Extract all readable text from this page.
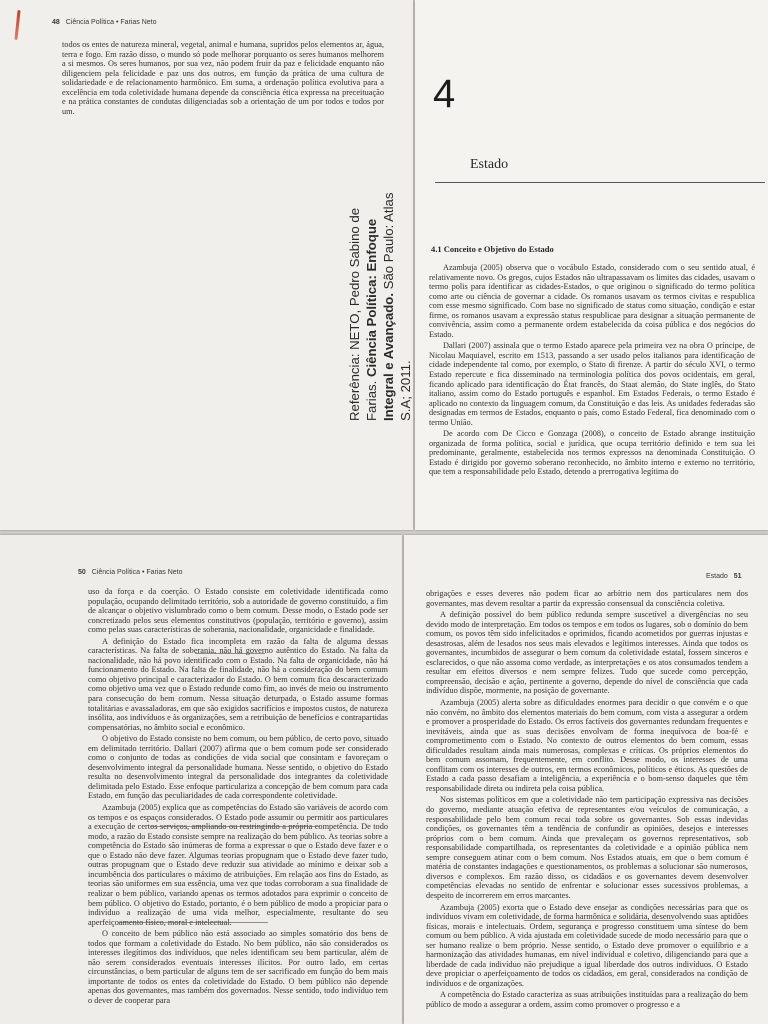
48 Ciência Política • Farias Neto

todos os entes de natureza mineral, vegetal, animal e humana, supridos pelos elementos ar, água, terra e fogo. Em razão disso, o mundo só pode melhorar porquanto os seres humanos melhorem a si mesmos. Os seres humanos, por sua vez, não podem fruir da paz e felicidade enquanto não diligenciem pela felicidade e paz uns dos outros, em função da prática de uma cultura de solidariedade e de relacionamento harmônico. Em suma, a ordenação política evolutiva para a excelência em toda coletividade humana depende da consciência ética expressa na preceituação e na prática constantes de condutas diligenciadas sob a orientação de um por todos e todos por um.

Referência: NETO, Pedro Sabino de Farias. Ciência Política: Enfoque Integral e Avançado. São Paulo: Atlas S.A; 2011.
4
Estado
4.1 Conceito e Objetivo do Estado

Azambuja (2005) observa que o vocábulo Estado, considerado com o seu sentido atual, é relativamente novo. Os gregos, cujos Estados não ultrapassavam os limites das cidades, usavam o termo polis para identificar as cidades-Estados, o que originou o significado do termo política como arte ou ciência de governar a cidade. Os romanos usavam os termos civitas e respublica com esse mesmo significado. Com base no significado de status como situação, condição e estar firme, os romanos usavam a expressão status respublicae para designar a situação permanente de convivência, assim como a permanente ordem estabelecida da coisa pública e dos negócios do Estado.

Dallari (2007) assinala que o termo Estado aparece pela primeira vez na obra O príncipe, de Nicolau Maquiavel, escrito em 1513, passando a ser usado pelos italianos para identificação de cidade independente tal como, por exemplo, o Stato di firenze. A partir do século XVI, o termo Estado repercute e fica disseminado na terminologia política dos povos ocidentais, em geral, ficando aplicado para identificação do État francês, do Staat alemão, do State inglês, do Stato italiano, assim como do Estado português e espanhol. Em Estados Federais, o termo Estado é aplicado no contexto da linguagem comum, da Constituição e das leis. As unidades federadas são designadas em termos de Estados, enquanto o país, como Estado Federal, fica denominado com o termo União.

De acordo com De Cicco e Gonzaga (2008), o conceito de Estado abrange instituição organizada de forma política, social e jurídica, que ocupa território definido e tem sua lei predominante, geralmente, estabelecida nos termos expressos na denominada Constituição. O Estado é dirigido por governo soberano reconhecido, no âmbito interno e externo no território, que tem a responsabilidade pelo Estado, detendo a prerrogativa legítima do

50 Ciência Política • Farias Neto

uso da força e da coerção. O Estado consiste em coletividade identificada como população, ocupando delimitado território, sob a autoridade de governo constituído, a fim de alcançar o objetivo vislumbrado como o bem comum. Desse modo, o Estado pode ser concretizado pelos seus elementos constitutivos (população, território e governo), assim como pelas suas características de soberania, nacionalidade, organicidade e finalidade.

A definição do Estado fica incompleta em razão da falta de alguma dessas características. Na falta de soberania, não há governo autêntico do Estado. Na falta da nacionalidade, não há povo identificado com o Estado. Na falta de organicidade, não há funcionamento do Estado. Na falta de finalidade, não há a consideração do bem comum como objetivo principal e caracterizador do Estado. O bem comum fica descaracterizado como objetivo uma vez que o Estado redunde como fim, ao invés de meio ou instrumento para consecução do bem comum. Nessa situação deturpada, o Estado assume formas totalitárias e avassaladoras, em que são exigidos sacrifícios e impostos custos, de natureza insólita, aos indivíduos e às organizações, sem a retribuição de benefícios e contrapartidas compensatórias, no âmbito social e econômico.

O objetivo do Estado consiste no bem comum, ou bem público, de certo povo, situado em delimitado território. Dallari (2007) afirma que o bem comum pode ser considerado como o conjunto de todas as condições de vida social que consintam e favoreçam o desenvolvimento integral da personalidade humana. Nesse sentido, o objetivo do Estado resulta no desenvolvimento integral da personalidade dos integrantes da coletividade delimitada pelo Estado. Esse enfoque particulariza a concepção de bem comum para cada Estado, em função das peculiaridades de cada correspondente coletividade.

Azambuja (2005) explica que as competências do Estado são variáveis de acordo com os tempos e os espaços considerados. O Estado pode assumir ou permitir aos particulares a execução de certos serviços, ampliando ou restringindo a própria competência. De todo modo, a razão do Estado consiste sempre na realização do bem público. As teorias sobre a competência do Estado são inúmeras de forma a expressar o que o Estado deve fazer e o que o Estado não deve fazer. Algumas teorias propugnam que o Estado deve fazer tudo, outras propugnam que o Estado deve reduzir sua atividade ao mínimo e deixar sob a incumbência dos particulares o máximo de atribuições. Em relação aos fins do Estado, as teorias são uniformes em sua essência, uma vez que todas corroboram a sua finalidade de realizar o bem público, variando apenas os termos adotados para exprimir o conceito de bem público. O objetivo do Estado, portanto, é o bem público de modo a propiciar para o indivíduo a realização de uma vida melhor, especialmente, resultante do seu aperfeiçoamento físico, moral e intelectual.

O conceito de bem público não está associado ao simples somatório dos bens de todos que formam a coletividade do Estado. No bem público, não são considerados os interesses ilegítimos dos indivíduos, que neles identificam seu bem particular, além de não serem considerados eventuais interesses ilícitos. Por outro lado, em certas circunstâncias, o bem particular de alguns tem de ser sacrificado em função do bem mais importante de todos os entes da coletividade do Estado. O bem público não depende apenas dos governantes, mas também dos governados. Nesse sentido, todo indivíduo tem o dever de cooperar para

Estado 51

obrigações e esses deveres não podem ficar ao arbítrio nem dos particulares nem dos governantes, mas devem resultar a partir da expressão consensual da consciência coletiva.

A definição possível do bem público redunda sempre suscetível a divergências no seu devido modo de interpretação. Em todos os tempos e em todos os lugares, sob o domínio do bem comum, os povos têm sido infelicitados e oprimidos, ficando acometidos por guerras injustas e desastrosas, além de lesados nos seus mais elevados e legítimos interesses. Ainda que todos os governantes, incumbidos de assegurar o bem comum da coletividade estatal, fossem sinceros e esclarecidos, o que não assoma como verdade, as interpretações e os atos consumados tendem a resultar em efeitos diversos e nem sempre felizes. Tudo que sucede como percepção, compreensão, decisão e ação, pertinente a governo, depende do nível de consciência que cada indivíduo dispõe, mormente, na posição de governante.

Azambuja (2005) alerta sobre as dificuldades enormes para decidir o que convém e o que não convém, no âmbito dos elementos materiais do bem comum, com vista a assegurar a ordem e promover a prosperidade do Estado. Os erros factíveis dos governantes redundam frequentes e inevitáveis, ainda que as suas decisões envolvam de forma inequívoca de boa-fé e comprometimento com o Estado. No contexto de outros elementos do bem comum, essas dificuldades resultam ainda mais numerosas, complexas e críticas. Os próprios elementos do bem comum assomam, frequentemente, em conflito. Desse modo, os interesses de uma conflitam com os interesses de outros, em termos econômicos, políticos e éticos. As questões de Estado a cada passo desafiam a inteligência, a experiência e o bom-senso daqueles que têm responsabilidade direta ou indireta pela coisa pública.

Nos sistemas políticos em que a coletividade não tem participação expressiva nas decisões do governo, mediante atuação efetiva de representantes e/ou veículos de comunicação, a responsabilidade pelo bem comum recai toda sobre os governantes. Sob essas indevidas condições, os governantes têm a tendência de confundir as opiniões, desejos e interesses próprios com o bem comum. Ainda que prevaleçam os governos representativos, sob responsabilidade compartilhada, os representantes da coletividade e a opinião pública nem sempre conseguem atinar com o bem comum. Nos Estados atuais, em que o bem comum é matéria de constantes indagações e questionamentos, os problemas a solucionar são numerosos, diversos e complexos. Em razão disso, os cidadãos e os governantes devem desenvolver competências elevadas no sentido de enfrentar e solucionar esses sucessivos problemas, a despeito de incorrerem em erros marcantes.

Azambuja (2005) exorta que o Estado deve ensejar as condições necessárias para que os indivíduos vivam em coletividade, de forma harmônica e solidária, desenvolvendo suas aptidões físicas, morais e intelectuais. Ordem, segurança e progresso constituem uma síntese do bem comum ou bem público. A vida ajustada em coletividade sucede de modo necessário para que o ser humano realize o bem próprio. Nesse sentido, o Estado deve promover o equilíbrio e a harmonização das atividades humanas, em nível individual e coletivo, diligenciando para que a liberdade de cada indivíduo não prejudique a igual liberdade dos outros indivíduos. O Estado deve propiciar o aperfeiçoamento de todos os cidadãos, em geral, considerados na condição de indivíduos e de organizações.

A competência do Estado caracteriza as suas atribuições instituídas para a realização do bem público de modo a assegurar a ordem, assim como promover o progresso e a
